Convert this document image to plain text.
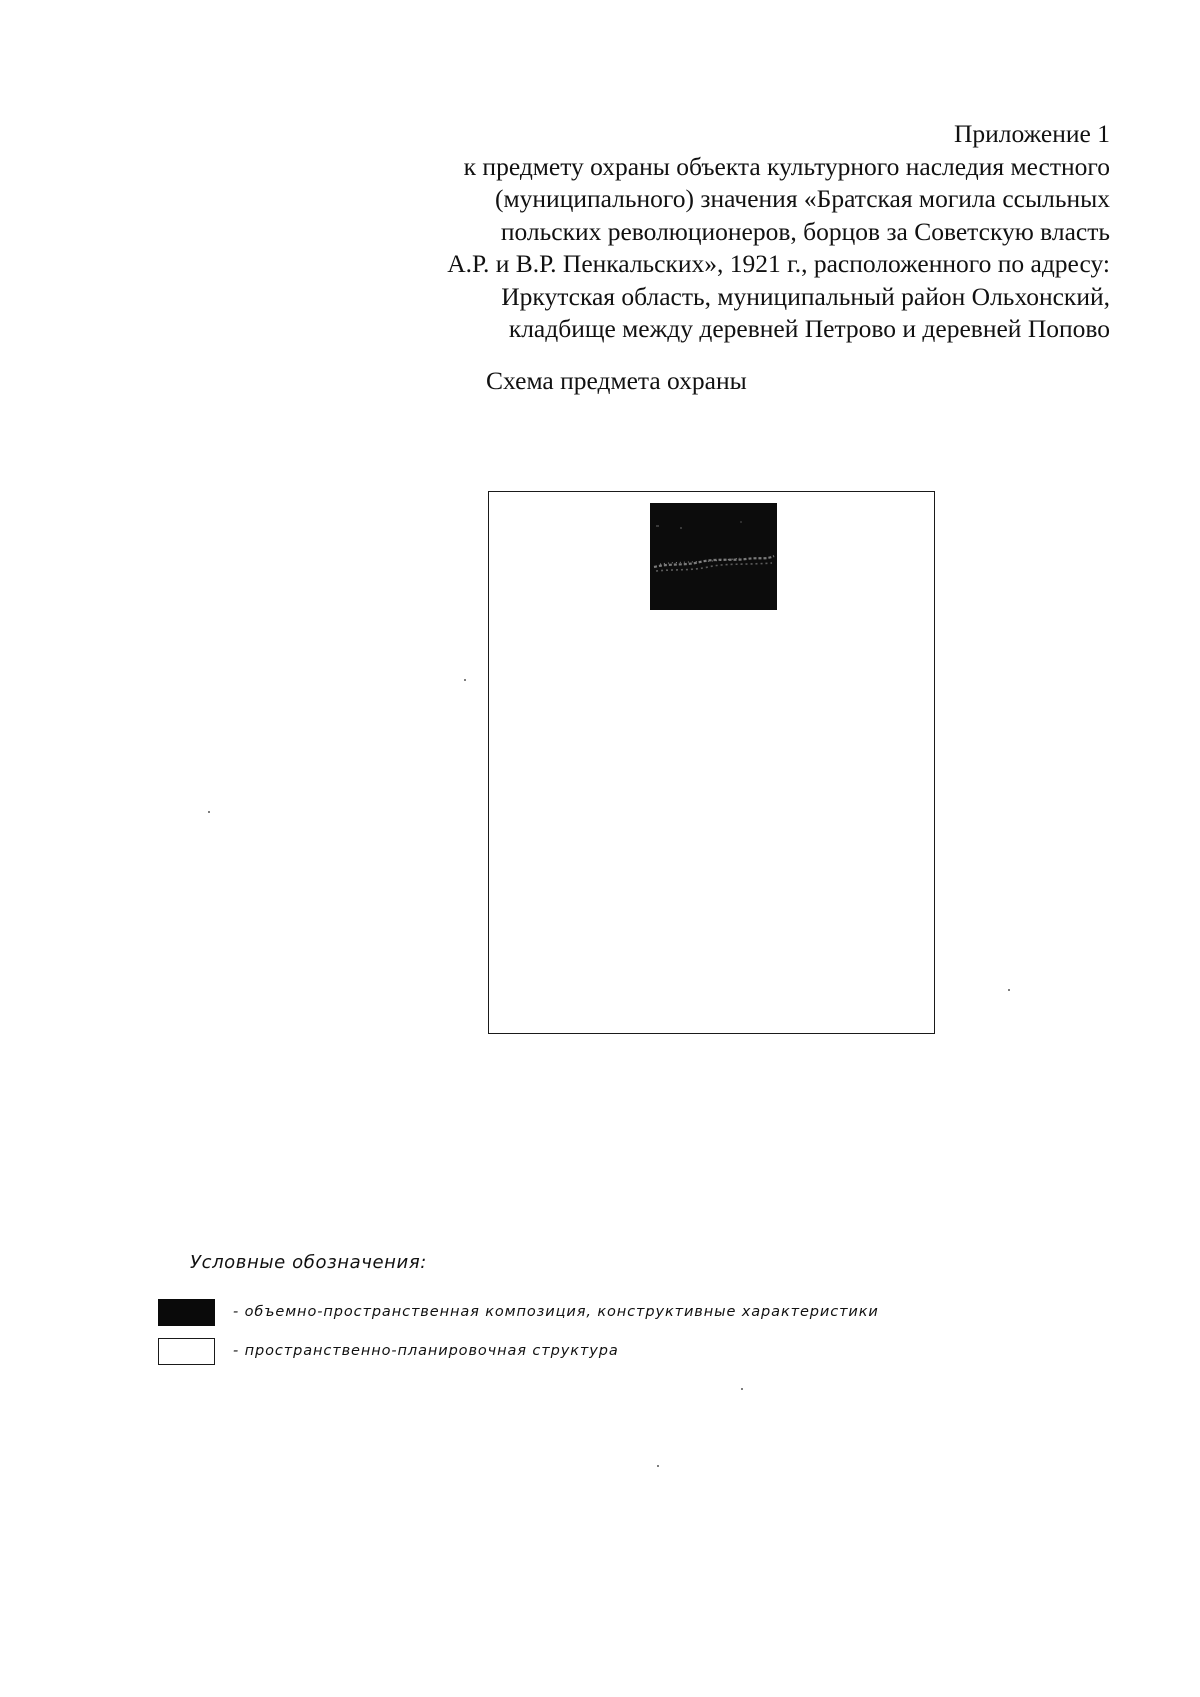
Приложение 1
к предмету охраны объекта культурного наследия местного
(муниципального) значения «Братская могила ссыльных
польских революционеров, борцов за Советскую власть
А.Р. и В.Р. Пенкальских», 1921 г., расположенного по адресу:
Иркутская область, муниципальный район Ольхонский,
кладбище между деревней Петрово и деревней Попово
Схема предмета охраны
Условные обозначения:
- объемно-пространственная композиция, конструктивные характеристики
- пространственно-планировочная структура
